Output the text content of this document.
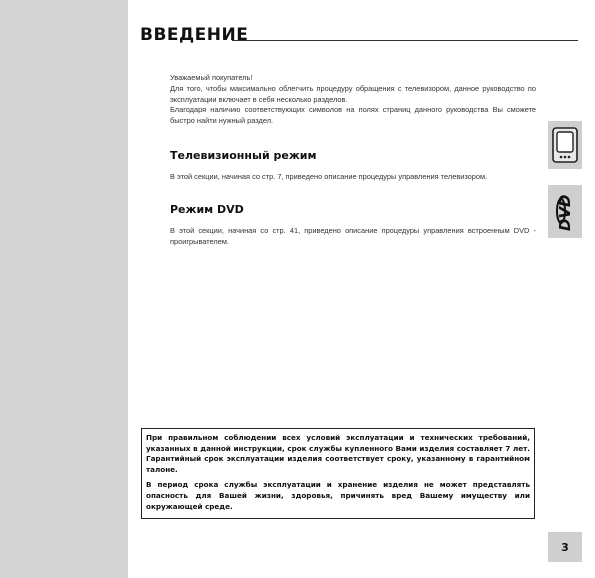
ВВЕДЕНИЕ

Уважаемый покупатель!

Для того, чтобы максимально облегчить процедуру обращения с телевизором, данное руководство по эксплуатации включает в себя несколько разделов.

Благодаря наличию соответствующих символов на полях страниц данного руководства Вы сможете быстро найти нужный раздел.

Телевизионный режим

В этой секции, начиная со стр. 7, приведено описание процедуры управления телевизором.

Режим DVD

В этой секции, начиная со стр. 41, приведено описание процедуры управления встроенным DVD - проигрывателем.

DVD

При правильном соблюдении всех условий эксплуатации и технических требований, указанных в данной инструкции, срок службы купленного Вами изделия составляет 7 лет. Гарантийный срок эксплуатации изделия соответствует сроку, указанному в гарантийном талоне.

В период срока службы эксплуатации и хранение изделия не может представлять опасность для Вашей жизни, здоровья, причинять вред Вашему имуществу или окружающей среде.

3
